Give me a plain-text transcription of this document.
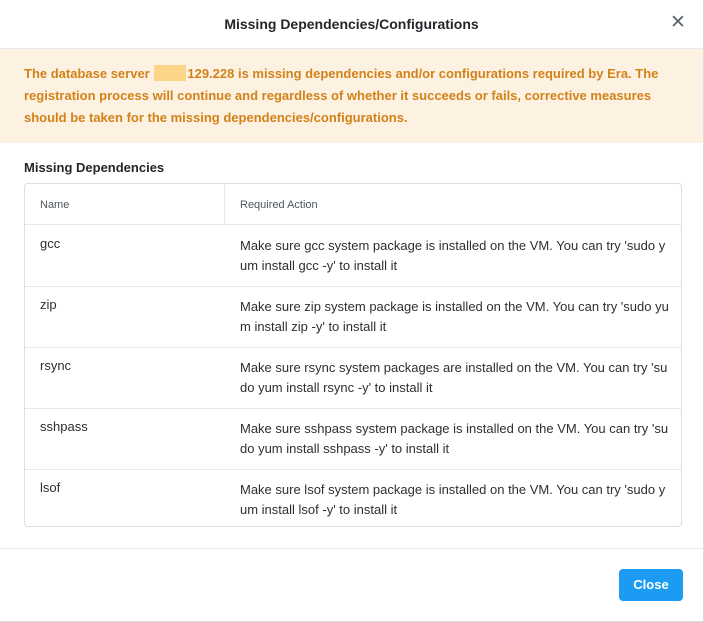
Missing Dependencies/Configurations	✕
The database server	129.228 is missing dependencies and/or configurations required by Era. The registration process will continue and regardless of whether it succeeds or fails, corrective measures should be taken for the missing dependencies/configurations.
Missing Dependencies
Name	Required Action
gcc	Make sure gcc system package is installed on the VM. You can try 'sudo yum install gcc -y' to install it
zip	Make sure zip system package is installed on the VM. You can try 'sudo yum install zip -y' to install it
rsync	Make sure rsync system packages are installed on the VM. You can try 'sudo yum install rsync -y' to install it
sshpass	Make sure sshpass system package is installed on the VM. You can try 'sudo yum install sshpass -y' to install it
lsof	Make sure lsof system package is installed on the VM. You can try 'sudo yum install lsof -y' to install it
Close
